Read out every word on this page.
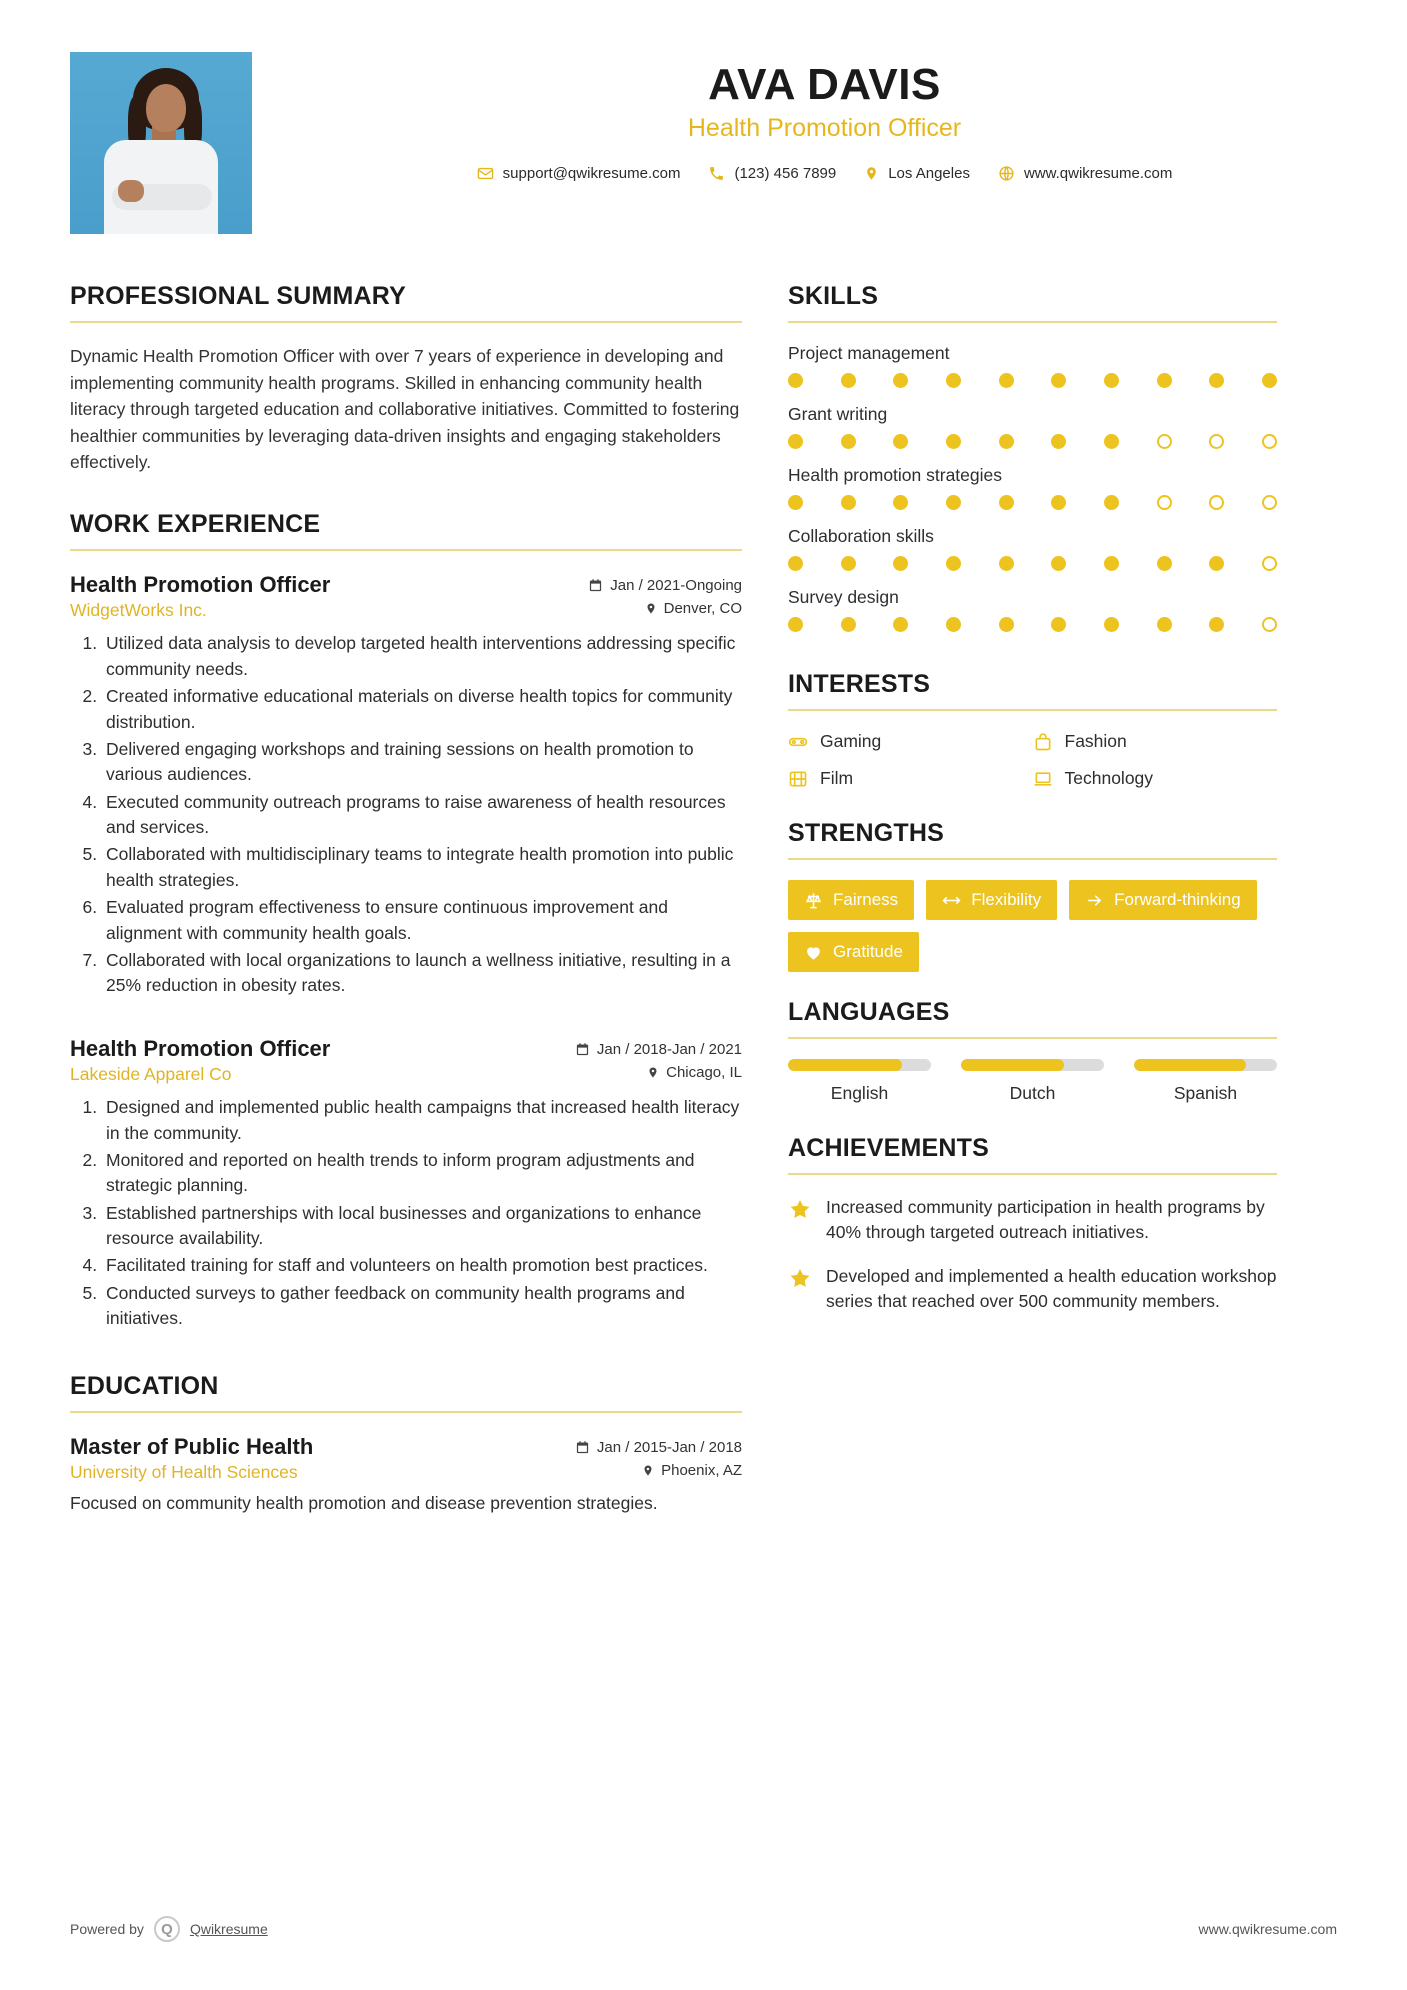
AVA DAVIS
Health Promotion Officer
support@qwikresume.com	(123) 456 7899	Los Angeles	www.qwikresume.com
PROFESSIONAL SUMMARY

Dynamic Health Promotion Officer with over 7 years of experience in developing and implementing community health programs. Skilled in enhancing community health literacy through targeted education and collaborative initiatives. Committed to fostering healthier communities by leveraging data-driven insights and engaging stakeholders effectively.

WORK EXPERIENCE
Health Promotion Officer
WidgetWorks Inc.
Jan / 2021-Ongoing
Denver, CO
1. Utilized data analysis to develop targeted health interventions addressing specific community needs.
2. Created informative educational materials on diverse health topics for community distribution.
3. Delivered engaging workshops and training sessions on health promotion to various audiences.
4. Executed community outreach programs to raise awareness of health resources and services.
5. Collaborated with multidisciplinary teams to integrate health promotion into public health strategies.
6. Evaluated program effectiveness to ensure continuous improvement and alignment with community health goals.
7. Collaborated with local organizations to launch a wellness initiative, resulting in a 25% reduction in obesity rates.
Health Promotion Officer
Lakeside Apparel Co
Jan / 2018-Jan / 2021
Chicago, IL
1. Designed and implemented public health campaigns that increased health literacy in the community.
2. Monitored and reported on health trends to inform program adjustments and strategic planning.
3. Established partnerships with local businesses and organizations to enhance resource availability.
4. Facilitated training for staff and volunteers on health promotion best practices.
5. Conducted surveys to gather feedback on community health programs and initiatives.
EDUCATION
Master of Public Health
University of Health Sciences
Jan / 2015-Jan / 2018
Phoenix, AZ
Focused on community health promotion and disease prevention strategies.
SKILLS
Project management
Grant writing
Health promotion strategies
Collaboration skills
Survey design
INTERESTS
Gaming	Fashion
Film	Technology
STRENGTHS
Fairness	Flexibility	Forward-thinking
Gratitude
LANGUAGES
English	Dutch	Spanish
ACHIEVEMENTS
Increased community participation in health programs by 40% through targeted outreach initiatives.
Developed and implemented a health education workshop series that reached over 500 community members.
Powered by	Q	Qwikresume	www.qwikresume.com
